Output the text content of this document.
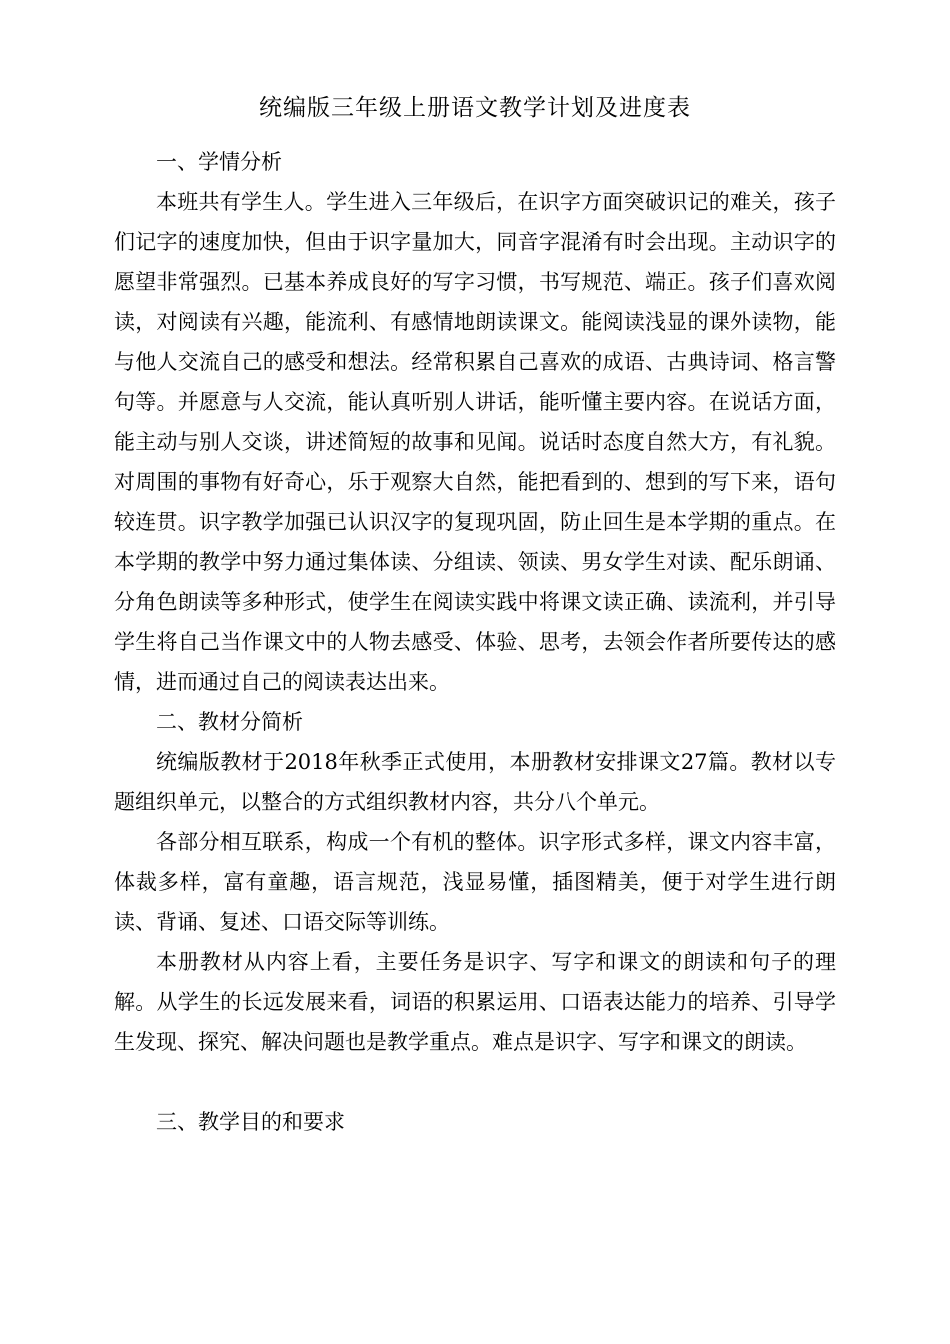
统编版三年级上册语文教学计划及进度表

一、学情分析

本班共有学生人。学生进入三年级后，在识字方面突破识记的难关，孩子们记字的速度加快，但由于识字量加大，同音字混淆有时会出现。主动识字的愿望非常强烈。已基本养成良好的写字习惯，书写规范、端正。孩子们喜欢阅读，对阅读有兴趣，能流利、有感情地朗读课文。能阅读浅显的课外读物，能与他人交流自己的感受和想法。经常积累自己喜欢的成语、古典诗词、格言警句等。并愿意与人交流，能认真听别人讲话，能听懂主要内容。在说话方面，能主动与别人交谈，讲述简短的故事和见闻。说话时态度自然大方，有礼貌。对周围的事物有好奇心，乐于观察大自然，能把看到的、想到的写下来，语句较连贯。识字教学加强已认识汉字的复现巩固，防止回生是本学期的重点。在本学期的教学中努力通过集体读、分组读、领读、男女学生对读、配乐朗诵、分角色朗读等多种形式，使学生在阅读实践中将课文读正确、读流利，并引导学生将自己当作课文中的人物去感受、体验、思考，去领会作者所要传达的感情，进而通过自己的阅读表达出来。

二、教材分简析

统编版教材于2018年秋季正式使用，本册教材安排课文27篇。教材以专题组织单元，以整合的方式组织教材内容，共分八个单元。

各部分相互联系，构成一个有机的整体。识字形式多样，课文内容丰富，体裁多样，富有童趣，语言规范，浅显易懂，插图精美，便于对学生进行朗读、背诵、复述、口语交际等训练。

本册教材从内容上看，主要任务是识字、写字和课文的朗读和句子的理解。从学生的长远发展来看，词语的积累运用、口语表达能力的培养、引导学生发现、探究、解决问题也是教学重点。难点是识字、写字和课文的朗读。

三、教学目的和要求
